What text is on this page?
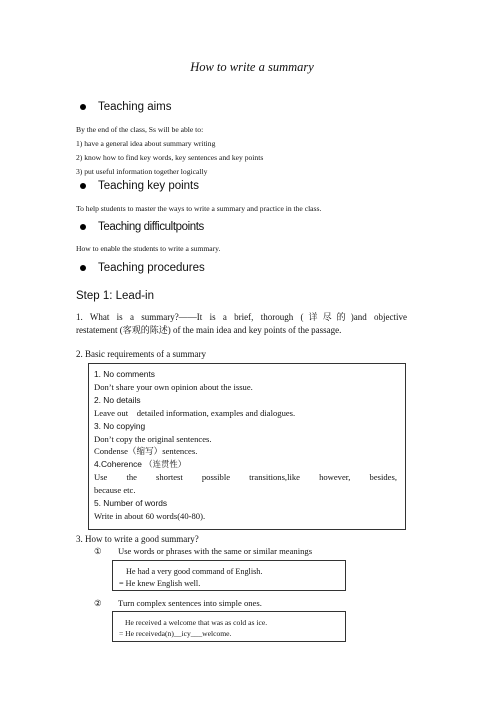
How to write a summary
Teaching aims
By the end of the class, Ss will be able to:
1) have a general idea about summary writing
2) know how to find key words, key sentences and key points
3) put useful information together logically
Teaching key points
To help students to master the ways to write a summary and practice in the class.
Teaching difficultpoints
How to enable the students to write a summary.
Teaching procedures
Step 1: Lead-in
1. What is a summary?——It is a brief, thorough (详尽的)and objective
restatement (客观的陈述) of the main idea and key points of the passage.
2. Basic requirements of a summary
1. No comments
Don’t share your own opinion about the issue.
2. No details
Leave out    detailed information, examples and dialogues.
3. No copying
Don’t copy the original sentences.
Condense（缩写）sentences.
4.Coherence （连贯性）
Use the shortest possible transitions,like however, besides,
because etc.
5. Number of words
Write in about 60 words(40-80).
3. How to write a good summary?
①	Use words or phrases with the same or similar meanings
He had a very good command of English.
= He knew English well.
②	Turn complex sentences into simple ones.
He received a welcome that was as cold as ice.
= He receiveda(n)__icy___welcome.
